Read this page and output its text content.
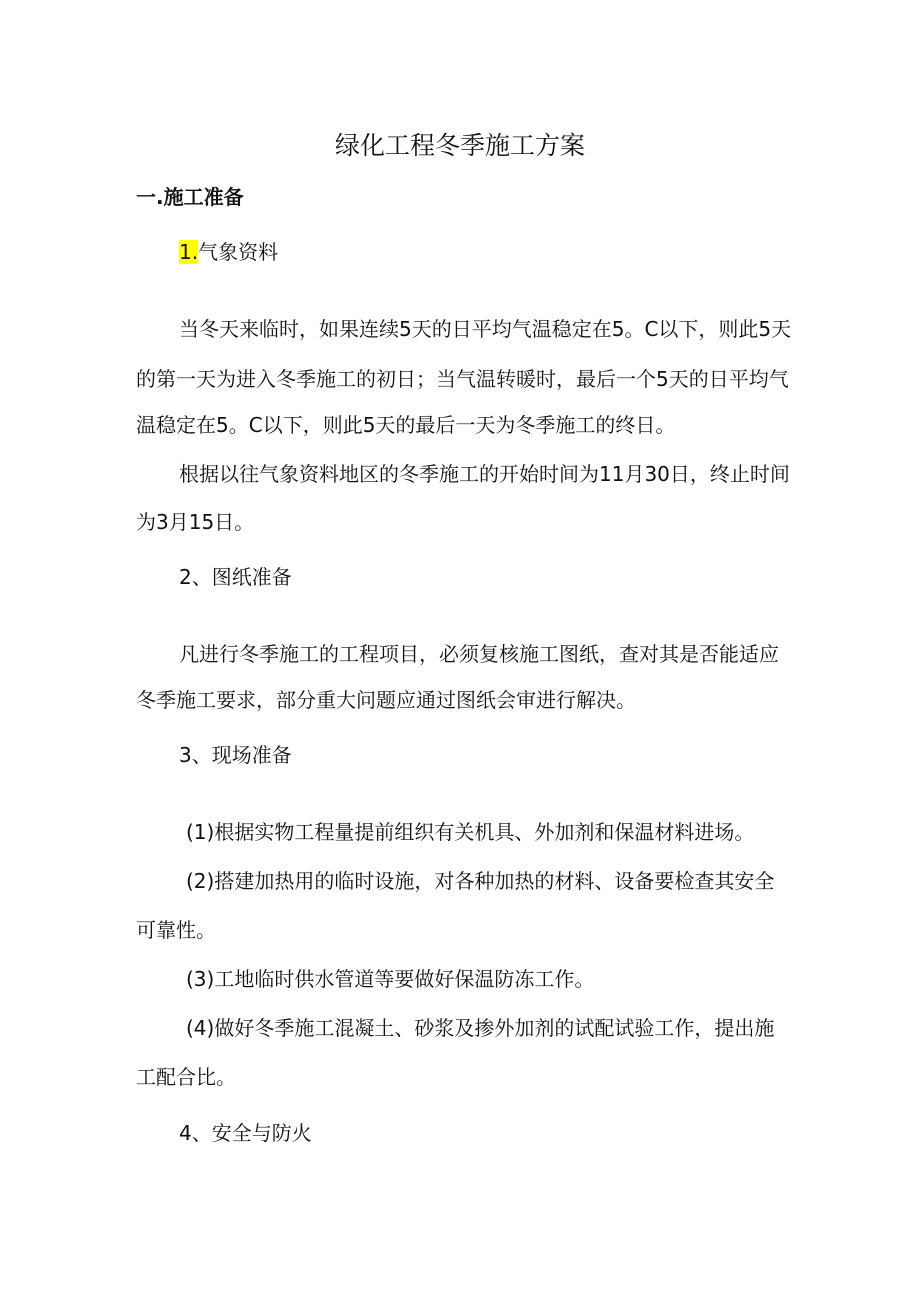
绿化工程冬季施工方案
一.施工准备
1.气象资料
当冬天来临时，如果连续5天的日平均气温稳定在5。C以下，则此5天
的第一天为进入冬季施工的初日；当气温转暖时，最后一个5天的日平均气
温稳定在5。C以下，则此5天的最后一天为冬季施工的终日。
根据以往气象资料地区的冬季施工的开始时间为11月30日，终止时间
为3月15日。
2、图纸准备
凡进行冬季施工的工程项目，必须复核施工图纸，查对其是否能适应
冬季施工要求，部分重大问题应通过图纸会审进行解决。
3、现场准备
(1)根据实物工程量提前组织有关机具、外加剂和保温材料进场。
(2)搭建加热用的临时设施，对各种加热的材料、设备要检查其安全
可靠性。
(3)工地临时供水管道等要做好保温防冻工作。
(4)做好冬季施工混凝土、砂浆及掺外加剂的试配试验工作，提出施
工配合比。
4、安全与防火
